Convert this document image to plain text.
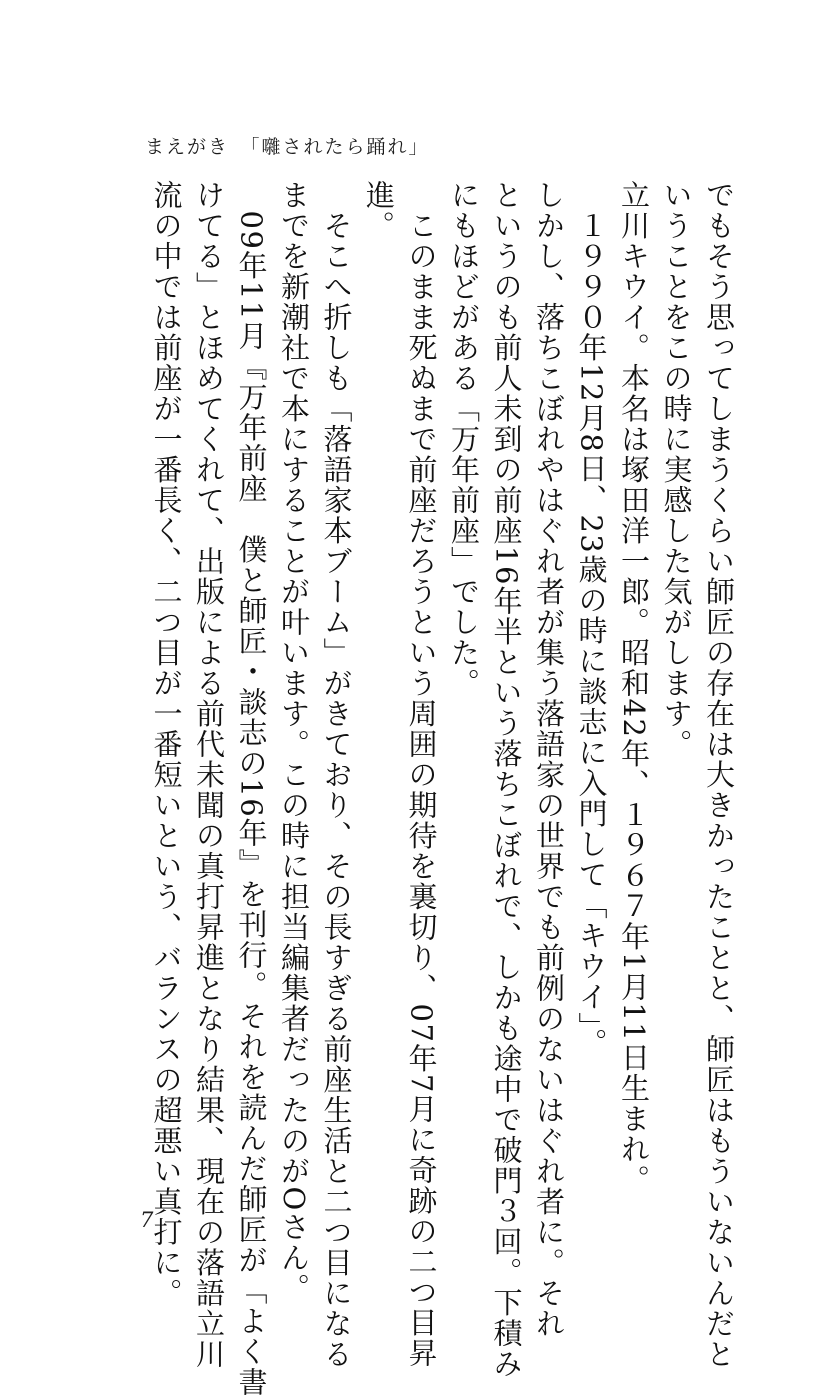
まえがき　「囃されたら踊れ」

でもそう思ってしまうくらい師匠の存在は大きかったことと、師匠はもういないんだと

いうことをこの時に実感した気がします。

立川キウイ。本名は塚田洋一郎。昭和42年、１９６７年1月11日生まれ。

　１９９０年12月8日、23歳の時に談志に入門して「キウイ」。

しかし、落ちこぼれやはぐれ者が集う落語家の世界でも前例のないはぐれ者に。それ

というのも前人未到の前座16年半という落ちこぼれで、しかも途中で破門３回。下積み

にもほどがある「万年前座」でした。

　このまま死ぬまで前座だろうという周囲の期待を裏切り、07年7月に奇跡の二つ目昇

進。

　そこへ折しも「落語家本ブーム」がきており、その長すぎる前座生活と二つ目になる

までを新潮社で本にすることが叶います。この時に担当編集者だったのがOさん。

　09年11月『万年前座　僕と師匠・談志の16年』を刊行。それを読んだ師匠が「よく書

けてる」とほめてくれて、出版による前代未聞の真打昇進となり結果、現在の落語立川

流の中では前座が一番長く、二つ目が一番短いという、バランスの超悪い真打に。

7
